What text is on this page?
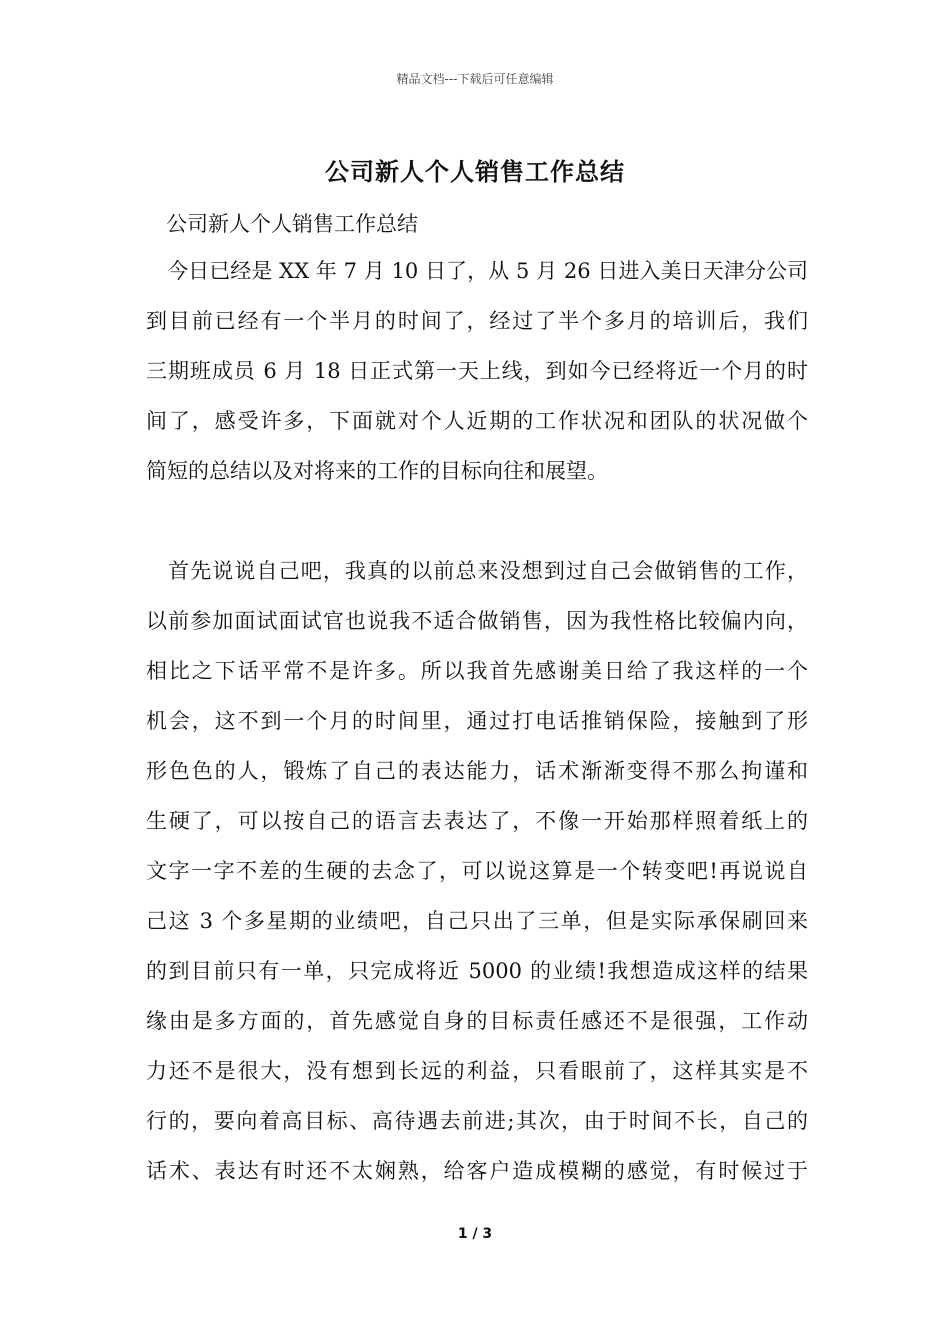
精品文档---下载后可任意编辑
公司新人个人销售工作总结
公司新人个人销售工作总结
　今日已经是 XX 年 7 月 10 日了，从 5 月 26 日进入美日天津分公司
到目前已经有一个半月的时间了，经过了半个多月的培训后，我们
三期班成员 6 月 18 日正式第一天上线，到如今已经将近一个月的时
间了，感受许多，下面就对个人近期的工作状况和团队的状况做个
简短的总结以及对将来的工作的目标向往和展望。
　首先说说自己吧，我真的以前总来没想到过自己会做销售的工作，
以前参加面试面试官也说我不适合做销售，因为我性格比较偏内向，
相比之下话平常不是许多。所以我首先感谢美日给了我这样的一个
机会，这不到一个月的时间里，通过打电话推销保险，接触到了形
形色色的人，锻炼了自己的表达能力，话术渐渐变得不那么拘谨和
生硬了，可以按自己的语言去表达了，不像一开始那样照着纸上的
文字一字不差的生硬的去念了，可以说这算是一个转变吧!再说说自
己这 3 个多星期的业绩吧，自己只出了三单，但是实际承保刷回来
的到目前只有一单，只完成将近 5000 的业绩!我想造成这样的结果
缘由是多方面的，首先感觉自身的目标责任感还不是很强，工作动
力还不是很大，没有想到长远的利益，只看眼前了，这样其实是不
行的，要向着高目标、高待遇去前进;其次，由于时间不长，自己的
话术、表达有时还不太娴熟，给客户造成模糊的感觉，有时候过于
1 / 3
